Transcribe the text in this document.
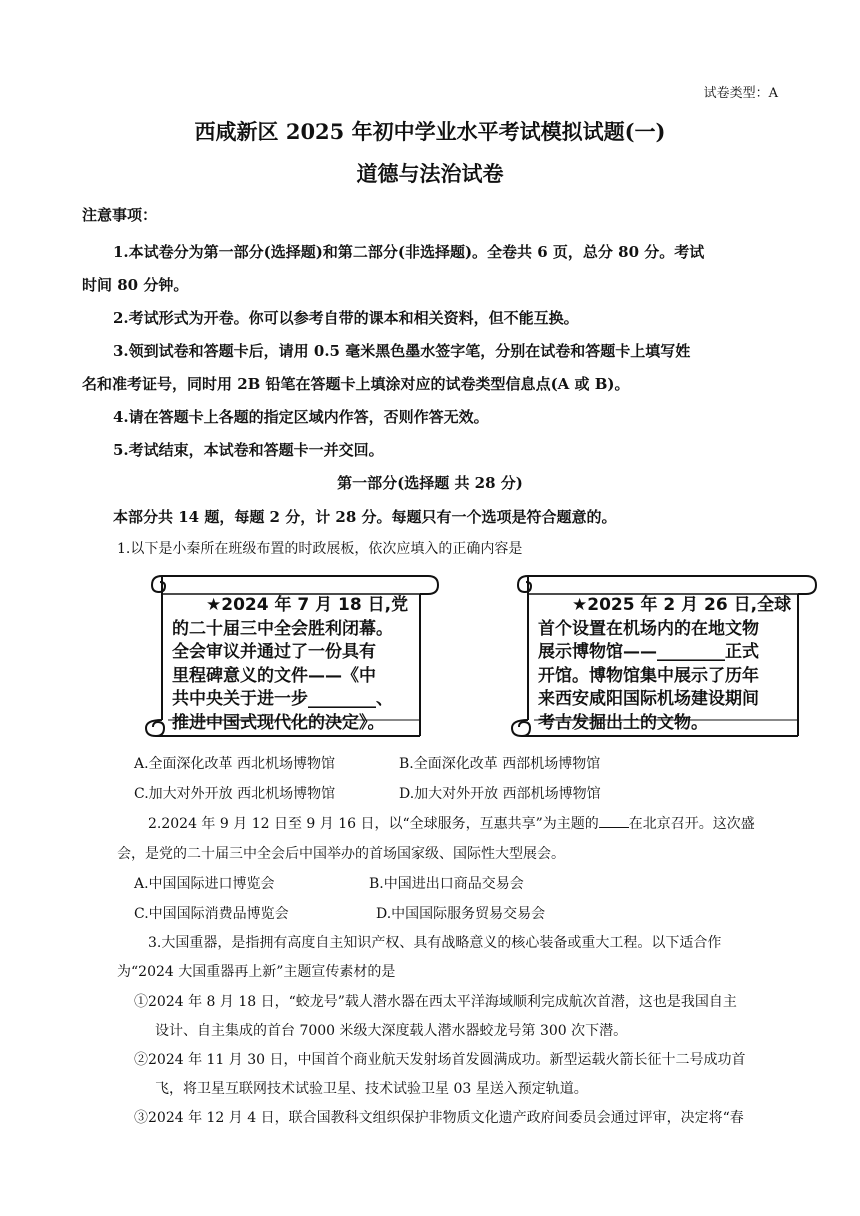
试卷类型：A
西咸新区 2025 年初中学业水平考试模拟试题(一)
道德与法治试卷
注意事项：
1.本试卷分为第一部分(选择题)和第二部分(非选择题)。全卷共 6 页，总分 80 分。考试
时间 80 分钟。
2.考试形式为开卷。你可以参考自带的课本和相关资料，但不能互换。
3.领到试卷和答题卡后，请用 0.5 毫米黑色墨水签字笔，分别在试卷和答题卡上填写姓
名和准考证号，同时用 2B 铅笔在答题卡上填涂对应的试卷类型信息点(A 或 B)。
4.请在答题卡上各题的指定区域内作答，否则作答无效。
5.考试结束，本试卷和答题卡一并交回。
第一部分(选择题 共 28 分)
本部分共 14 题，每题 2 分，计 28 分。每题只有一个选项是符合题意的。
1.以下是小秦所在班级布置的时政展板，依次应填入的正确内容是
★2024 年 7 月 18 日,党
的二十届三中全会胜利闭幕。
全会审议并通过了一份具有
里程碑意义的文件——《中
共中央关于进一步________、
推进中国式现代化的决定》。
★2025 年 2 月 26 日,全球
首个设置在机场内的在地文物
展示博物馆——________正式
开馆。博物馆集中展示了历年
来西安咸阳国际机场建设期间
考古发掘出土的文物。
A.全面深化改革 西北机场博物馆	B.全面深化改革 西部机场博物馆
C.加大对外开放 西北机场博物馆	D.加大对外开放 西部机场博物馆
2.2024 年 9 月 12 日至 9 月 16 日，以“全球服务，互惠共享”为主题的 在北京召开。这次盛
会，是党的二十届三中全会后中国举办的首场国家级、国际性大型展会。
A.中国国际进口博览会	B.中国进出口商品交易会
C.中国国际消费品博览会	D.中国国际服务贸易交易会
3.大国重器，是指拥有高度自主知识产权、具有战略意义的核心装备或重大工程。以下适合作
为“2024 大国重器再上新”主题宣传素材的是
①2024 年 8 月 18 日，“蛟龙号”载人潜水器在西太平洋海域顺利完成航次首潜，这也是我国自主
设计、自主集成的首台 7000 米级大深度载人潜水器蛟龙号第 300 次下潜。
②2024 年 11 月 30 日，中国首个商业航天发射场首发圆满成功。新型运载火箭长征十二号成功首
飞，将卫星互联网技术试验卫星、技术试验卫星 03 星送入预定轨道。
③2024 年 12 月 4 日，联合国教科文组织保护非物质文化遗产政府间委员会通过评审，决定将“春
